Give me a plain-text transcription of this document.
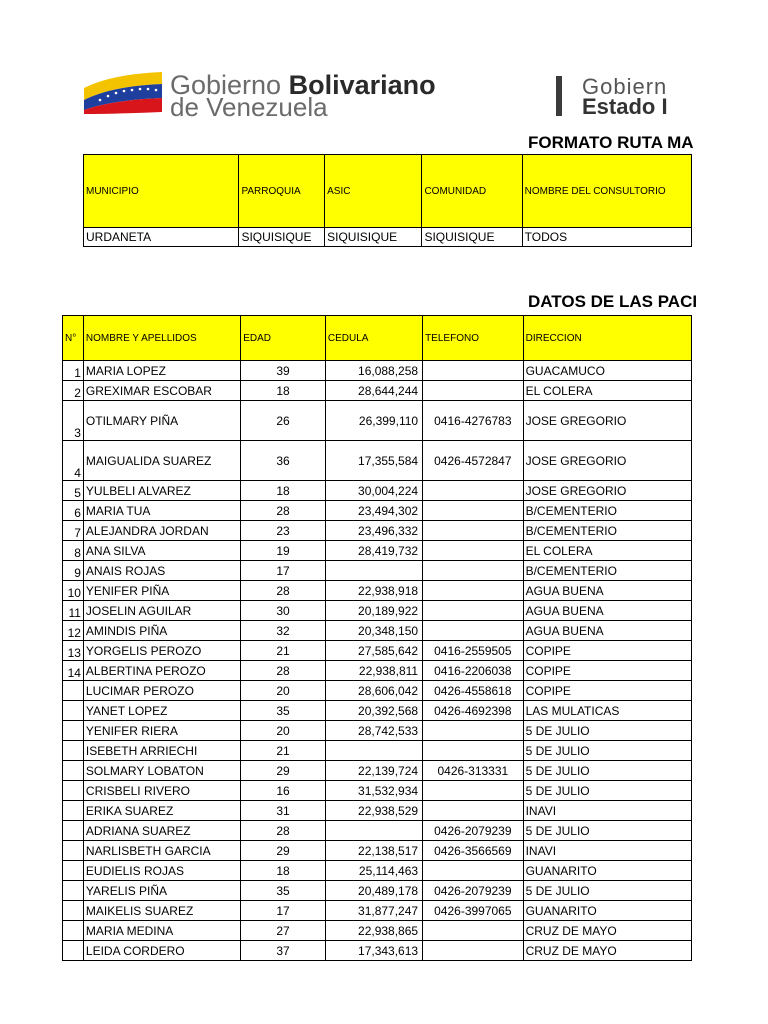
Gobierno Bolivariano
de Venezuela
Gobiern
Estado I
FORMATO RUTA MA
MUNICIPIO	PARROQUIA	ASIC	COMUNIDAD	NOMBRE DEL CONSULTORIO
URDANETA	SIQUISIQUE	SIQUISIQUE	SIQUISIQUE	TODOS
DATOS DE LAS PACI
N°	NOMBRE Y APELLIDOS	EDAD	CEDULA	TELEFONO	DIRECCION
1	MARIA LOPEZ	39	16,088,258		GUACAMUCO
2	GREXIMAR ESCOBAR	18	28,644,244		EL COLERA
3	OTILMARY PIÑA	26	26,399,110	0416-4276783	JOSE GREGORIO
4	MAIGUALIDA SUAREZ	36	17,355,584	0426-4572847	JOSE GREGORIO
5	YULBELI ALVAREZ	18	30,004,224		JOSE GREGORIO
6	MARIA TUA	28	23,494,302		B/CEMENTERIO
7	ALEJANDRA JORDAN	23	23,496,332		B/CEMENTERIO
8	ANA SILVA	19	28,419,732		EL COLERA
9	ANAIS ROJAS	17			B/CEMENTERIO
10	YENIFER PIÑA	28	22,938,918		AGUA BUENA
11	JOSELIN AGUILAR	30	20,189,922		AGUA BUENA
12	AMINDIS PIÑA	32	20,348,150		AGUA BUENA
13	YORGELIS PEROZO	21	27,585,642	0416-2559505	COPIPE
14	ALBERTINA PEROZO	28	22,938,811	0416-2206038	COPIPE
	LUCIMAR PEROZO	20	28,606,042	0426-4558618	COPIPE
	YANET LOPEZ	35	20,392,568	0426-4692398	LAS MULATICAS
	YENIFER RIERA	20	28,742,533		5 DE JULIO
	ISEBETH ARRIECHI	21			5 DE JULIO
	SOLMARY LOBATON	29	22,139,724	0426-313331	5 DE JULIO
	CRISBELI RIVERO	16	31,532,934		5 DE JULIO
	ERIKA SUAREZ	31	22,938,529		INAVI
	ADRIANA SUAREZ	28		0426-2079239	5 DE JULIO
	NARLISBETH GARCIA	29	22,138,517	0426-3566569	INAVI
	EUDIELIS ROJAS	18	25,114,463		GUANARITO
	YARELIS PIÑA	35	20,489,178	0426-2079239	5 DE JULIO
	MAIKELIS SUAREZ	17	31,877,247	0426-3997065	GUANARITO
	MARIA MEDINA	27	22,938,865		CRUZ DE MAYO
	LEIDA CORDERO	37	17,343,613		CRUZ DE MAYO
